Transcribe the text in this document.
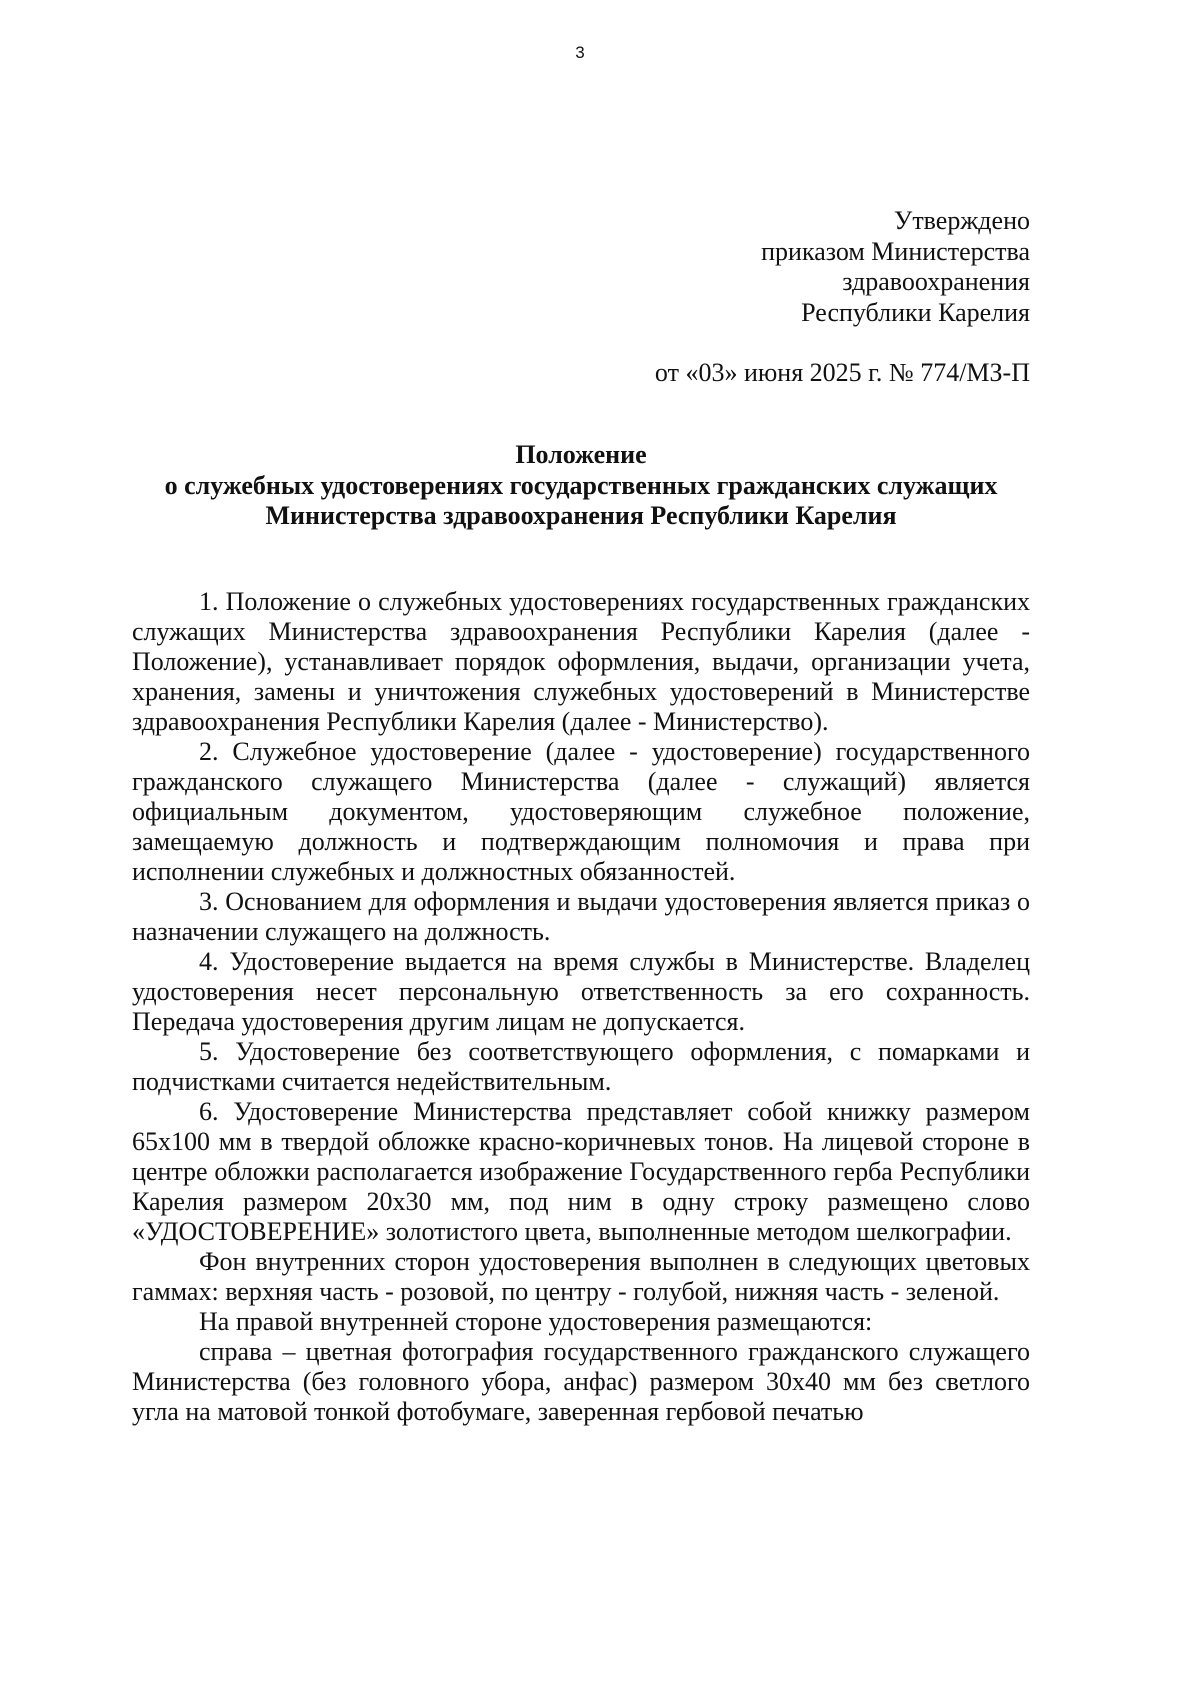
3
Утверждено
приказом Министерства
здравоохранения
Республики Карелия
от «03» июня 2025 г. № 774/МЗ-П
Положение
о служебных удостоверениях государственных гражданских служащих
Министерства здравоохранения Республики Карелия

1. Положение о служебных удостоверениях государственных гражданских служащих Министерства здравоохранения Республики Карелия (далее - Положение), устанавливает порядок оформления, выдачи, организации учета, хранения, замены и уничтожения служебных удостоверений в Министерстве здравоохранения Республики Карелия (далее - Министерство).

2. Служебное удостоверение (далее - удостоверение) государственного гражданского служащего Министерства (далее - служащий) является официальным документом, удостоверяющим служебное положение, замещаемую должность и подтверждающим полномочия и права при исполнении служебных и должностных обязанностей.

3. Основанием для оформления и выдачи удостоверения является приказ о назначении служащего на должность.

4. Удостоверение выдается на время службы в Министерстве. Владелец удостоверения несет персональную ответственность за его сохранность. Передача удостоверения другим лицам не допускается.

5. Удостоверение без соответствующего оформления, с помарками и подчистками считается недействительным.

6. Удостоверение Министерства представляет собой книжку размером 65х100 мм в твердой обложке красно-коричневых тонов. На лицевой стороне в центре обложки располагается изображение Государственного герба Республики Карелия размером 20х30 мм, под ним в одну строку размещено слово «УДОСТОВЕРЕНИЕ» золотистого цвета, выполненные методом шелкографии.

Фон внутренних сторон удостоверения выполнен в следующих цветовых гаммах: верхняя часть - розовой, по центру - голубой, нижняя часть - зеленой.

На правой внутренней стороне удостоверения размещаются:

справа – цветная фотография государственного гражданского служащего Министерства (без головного убора, анфас) размером 30х40 мм без светлого угла на матовой тонкой фотобумаге, заверенная гербовой печатью
